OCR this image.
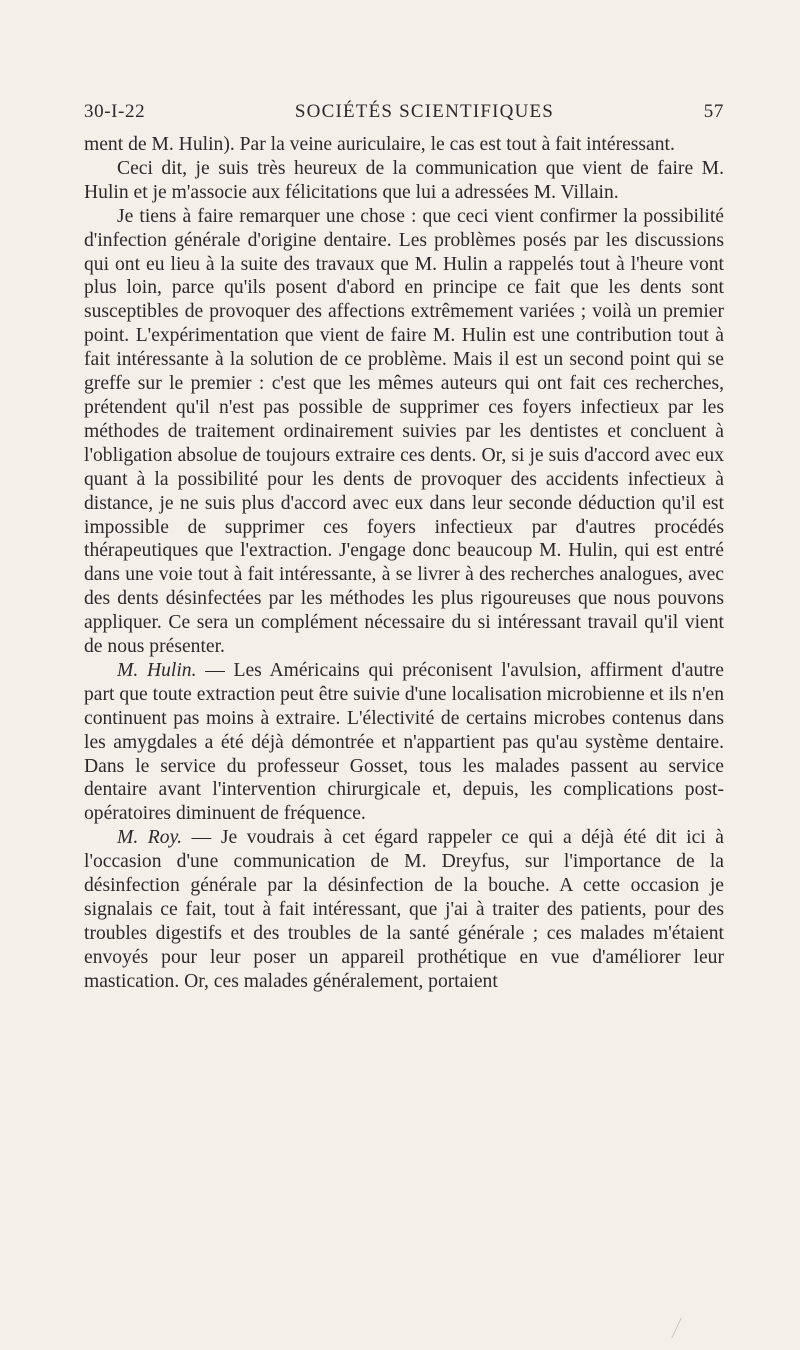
30-I-22	SOCIÉTÉS SCIENTIFIQUES	57

ment de M. Hulin). Par la veine auriculaire, le cas est tout à fait intéressant.

Ceci dit, je suis très heureux de la communication que vient de faire M. Hulin et je m'associe aux félicitations que lui a adressées M. Villain.

Je tiens à faire remarquer une chose : que ceci vient confirmer la possibilité d'infection générale d'origine dentaire. Les problèmes posés par les discussions qui ont eu lieu à la suite des travaux que M. Hulin a rappelés tout à l'heure vont plus loin, parce qu'ils posent d'abord en principe ce fait que les dents sont susceptibles de provoquer des affections extrêmement variées ; voilà un premier point. L'expérimentation que vient de faire M. Hulin est une contribution tout à fait intéressante à la solution de ce problème. Mais il est un second point qui se greffe sur le premier : c'est que les mêmes auteurs qui ont fait ces recherches, prétendent qu'il n'est pas possible de supprimer ces foyers infectieux par les méthodes de traitement ordinairement suivies par les dentistes et concluent à l'obligation absolue de toujours extraire ces dents. Or, si je suis d'accord avec eux quant à la possibilité pour les dents de provoquer des accidents infectieux à distance, je ne suis plus d'accord avec eux dans leur seconde déduction qu'il est impossible de supprimer ces foyers infectieux par d'autres procédés thérapeutiques que l'extraction. J'engage donc beaucoup M. Hulin, qui est entré dans une voie tout à fait intéressante, à se livrer à des recherches analogues, avec des dents désinfectées par les méthodes les plus rigoureuses que nous pouvons appliquer. Ce sera un complément nécessaire du si intéressant travail qu'il vient de nous présenter.

M. Hulin. — Les Américains qui préconisent l'avulsion, affirment d'autre part que toute extraction peut être suivie d'une localisation microbienne et ils n'en continuent pas moins à extraire. L'électivité de certains microbes contenus dans les amygdales a été déjà démontrée et n'appartient pas qu'au système dentaire. Dans le service du professeur Gosset, tous les malades passent au service dentaire avant l'intervention chirurgicale et, depuis, les complications post-opératoires diminuent de fréquence.

M. Roy. — Je voudrais à cet égard rappeler ce qui a déjà été dit ici à l'occasion d'une communication de M. Dreyfus, sur l'importance de la désinfection générale par la désinfection de la bouche. A cette occasion je signalais ce fait, tout à fait intéressant, que j'ai à traiter des patients, pour des troubles digestifs et des troubles de la santé générale ; ces malades m'étaient envoyés pour leur poser un appareil prothétique en vue d'améliorer leur mastication. Or, ces malades généralement, portaient
